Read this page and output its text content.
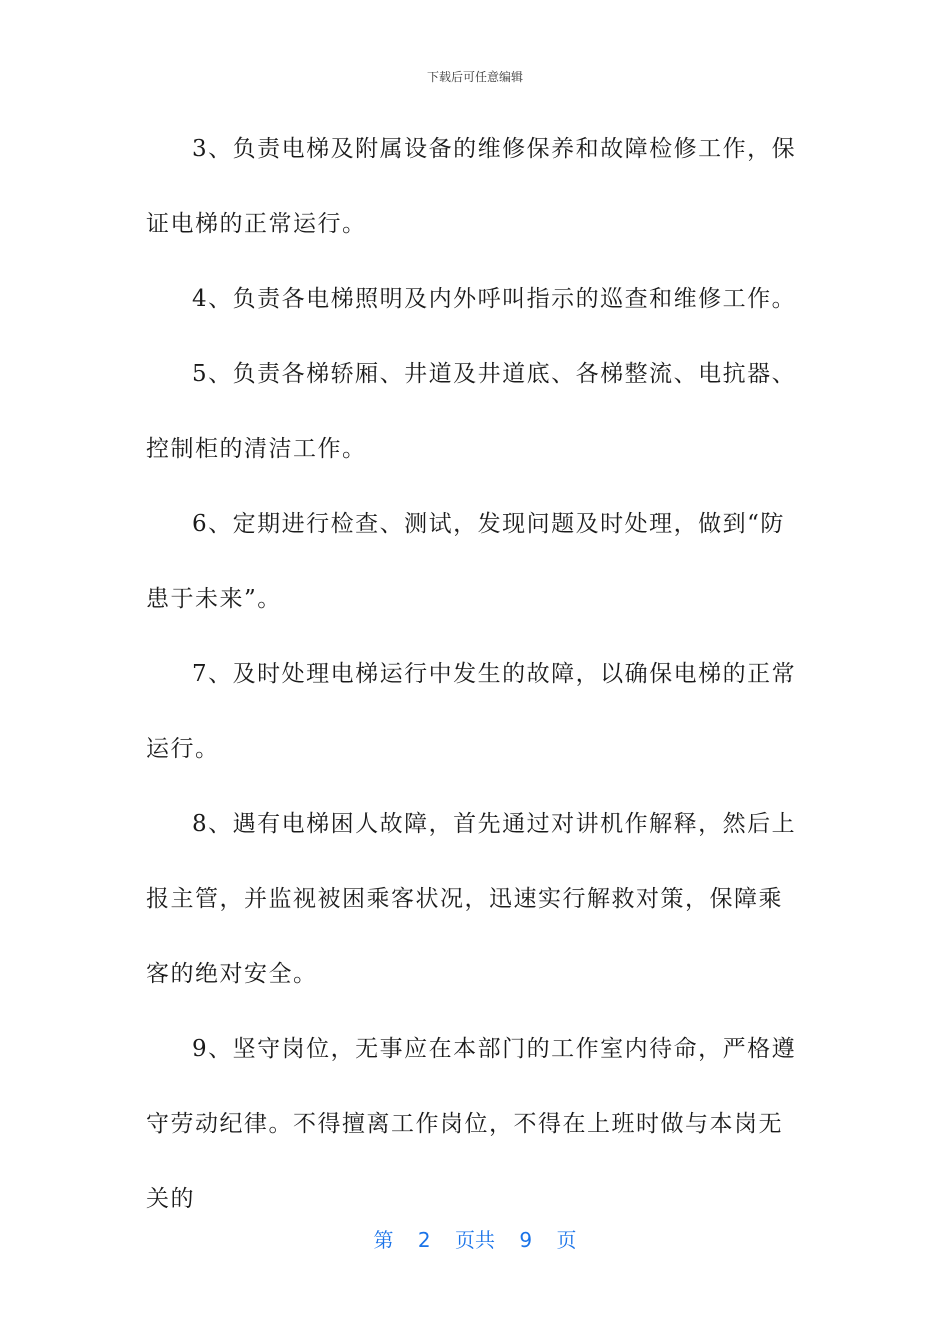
下载后可任意编辑

3、负责电梯及附属设备的维修保养和故障检修工作，保证电梯的正常运行。

4、负责各电梯照明及内外呼叫指示的巡查和维修工作。

5、负责各梯轿厢、井道及井道底、各梯整流、电抗器、控制柜的清洁工作。

6、定期进行检查、测试，发现问题及时处理，做到“防患于未来”。

7、及时处理电梯运行中发生的故障，以确保电梯的正常运行。

8、遇有电梯困人故障，首先通过对讲机作解释，然后上报主管，并监视被困乘客状况，迅速实行解救对策，保障乘客的绝对安全。

9、坚守岗位，无事应在本部门的工作室内待命，严格遵守劳动纪律。不得擅离工作岗位，不得在上班时做与本岗无关的

第 2 页共 9 页
